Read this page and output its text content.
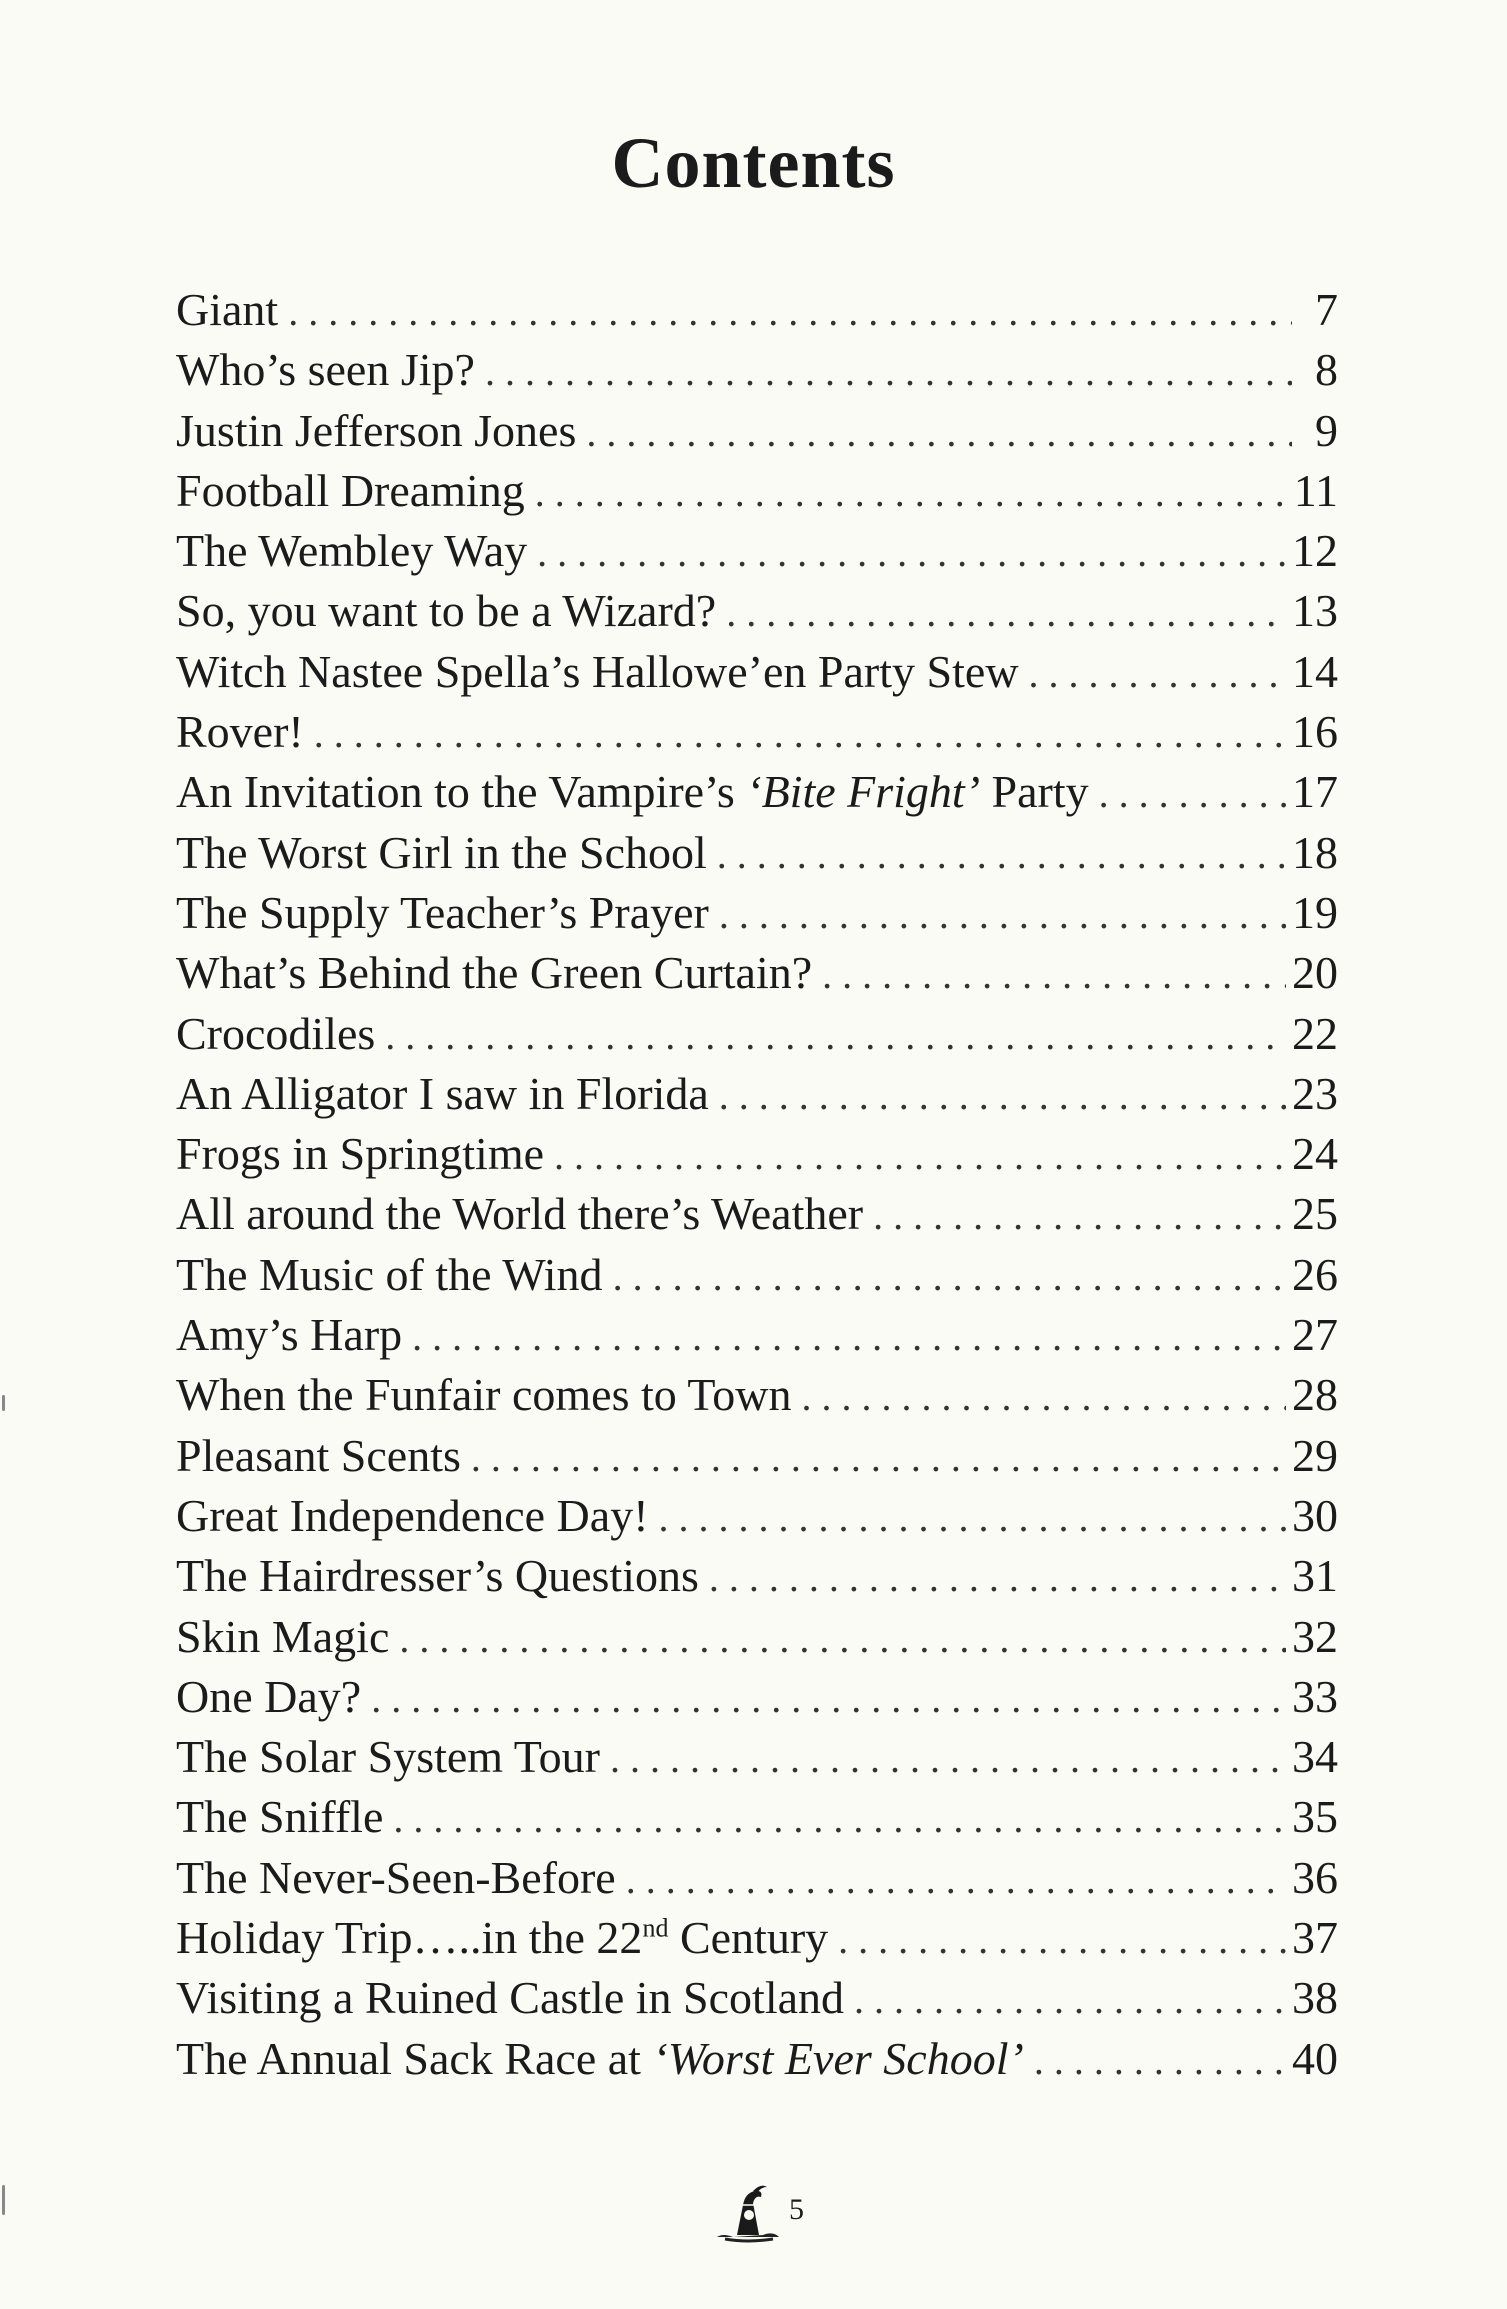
Contents
Giant . . .	7
Who’s seen Jip? . . .	8
Justin Jefferson Jones . . .	9
Football Dreaming . . .	11
The Wembley Way . . .	12
So, you want to be a Wizard? . . .	13
Witch Nastee Spella’s Hallowe’en Party Stew . . .	14
Rover! . . .	16
An Invitation to the Vampire’s ‘Bite Fright’ Party . . .	17
The Worst Girl in the School . . .	18
The Supply Teacher’s Prayer . . .	19
What’s Behind the Green Curtain? . . .	20
Crocodiles . . .	22
An Alligator I saw in Florida . . .	23
Frogs in Springtime . . .	24
All around the World there’s Weather . . .	25
The Music of the Wind . . .	26
Amy’s Harp . . .	27
When the Funfair comes to Town . . .	28
Pleasant Scents . . .	29
Great Independence Day! . . .	30
The Hairdresser’s Questions . . .	31
Skin Magic . . .	32
One Day? . . .	33
The Solar System Tour . . .	34
The Sniffle . . .	35
The Never-Seen-Before . . .	36
Holiday Trip…..in the 22nd Century . . .	37
Visiting a Ruined Castle in Scotland . . .	38
The Annual Sack Race at ‘Worst Ever School’ . . .	40
5
